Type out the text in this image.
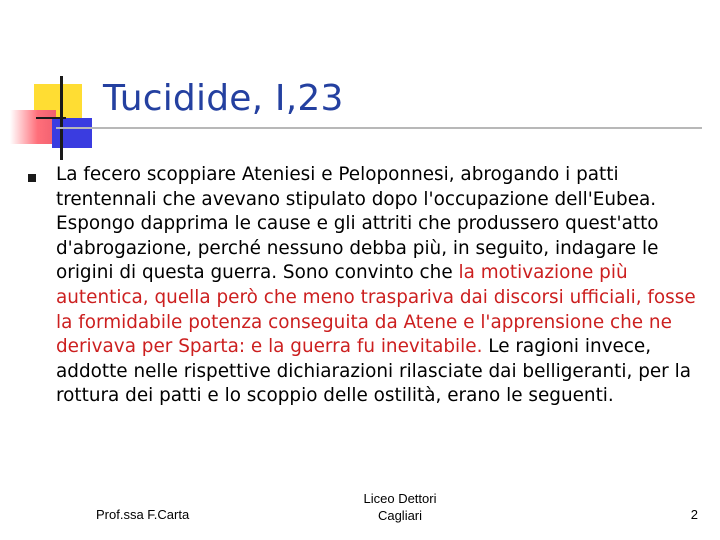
Tucidide, I,23

La fecero scoppiare Ateniesi e Peloponnesi, abrogando i patti trentennali che avevano stipulato dopo l'occupazione dell'Eubea. Espongo dapprima le cause e gli attriti che produssero quest'atto d'abrogazione, perché nessuno debba più, in seguito, indagare le origini di questa guerra. Sono convinto che la motivazione più autentica, quella però che meno traspariva dai discorsi ufficiali, fosse la formidabile potenza conseguita da Atene e l'apprensione che ne derivava per Sparta: e la guerra fu inevitabile. Le ragioni invece, addotte nelle rispettive dichiarazioni rilasciate dai belligeranti, per la rottura dei patti e lo scoppio delle ostilità, erano le seguenti.

Prof.ssa F.Carta
Liceo Dettori
Cagliari	2
